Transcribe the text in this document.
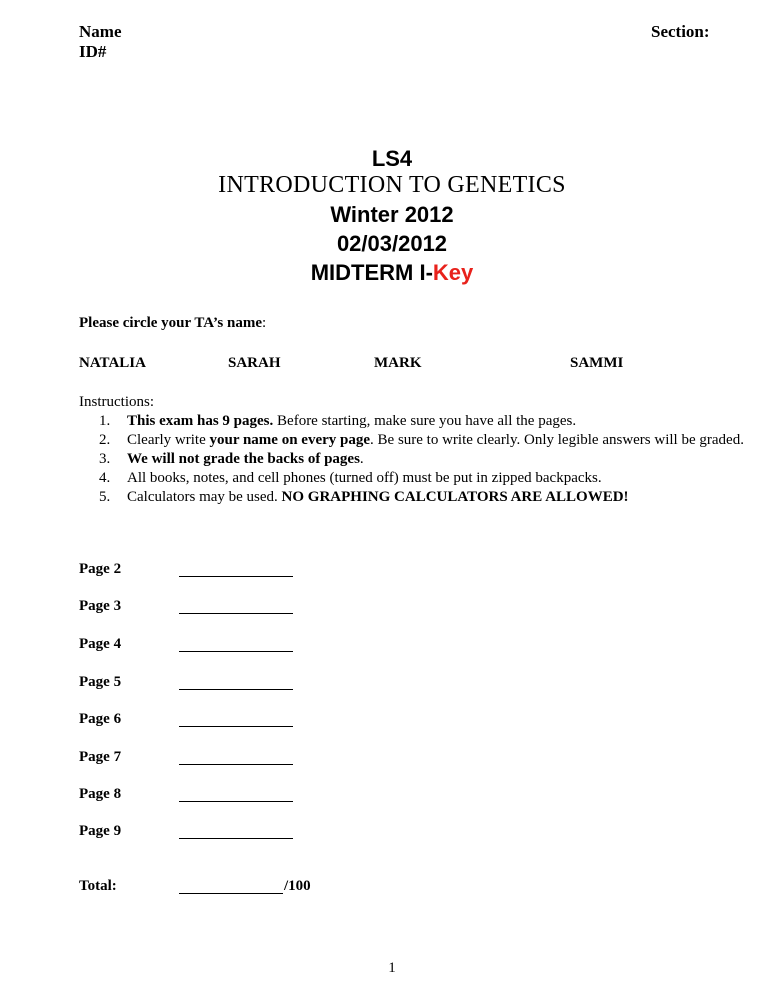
Name
ID#
Section:
LS4
INTRODUCTION TO GENETICS
Winter 2012
02/03/2012
MIDTERM I-Key
Please circle your TA’s name:
NATALIA	SARAH	MARK	SAMMI
Instructions:
1. This exam has 9 pages. Before starting, make sure you have all the pages.
2. Clearly write your name on every page. Be sure to write clearly. Only legible answers will be graded.
3. We will not grade the backs of pages.
4. All books, notes, and cell phones (turned off) must be put in zipped backpacks.
5. Calculators may be used. NO GRAPHING CALCULATORS ARE ALLOWED!
Page 2
Page 3
Page 4
Page 5
Page 6
Page 7
Page 8
Page 9
Total:	/100
1
